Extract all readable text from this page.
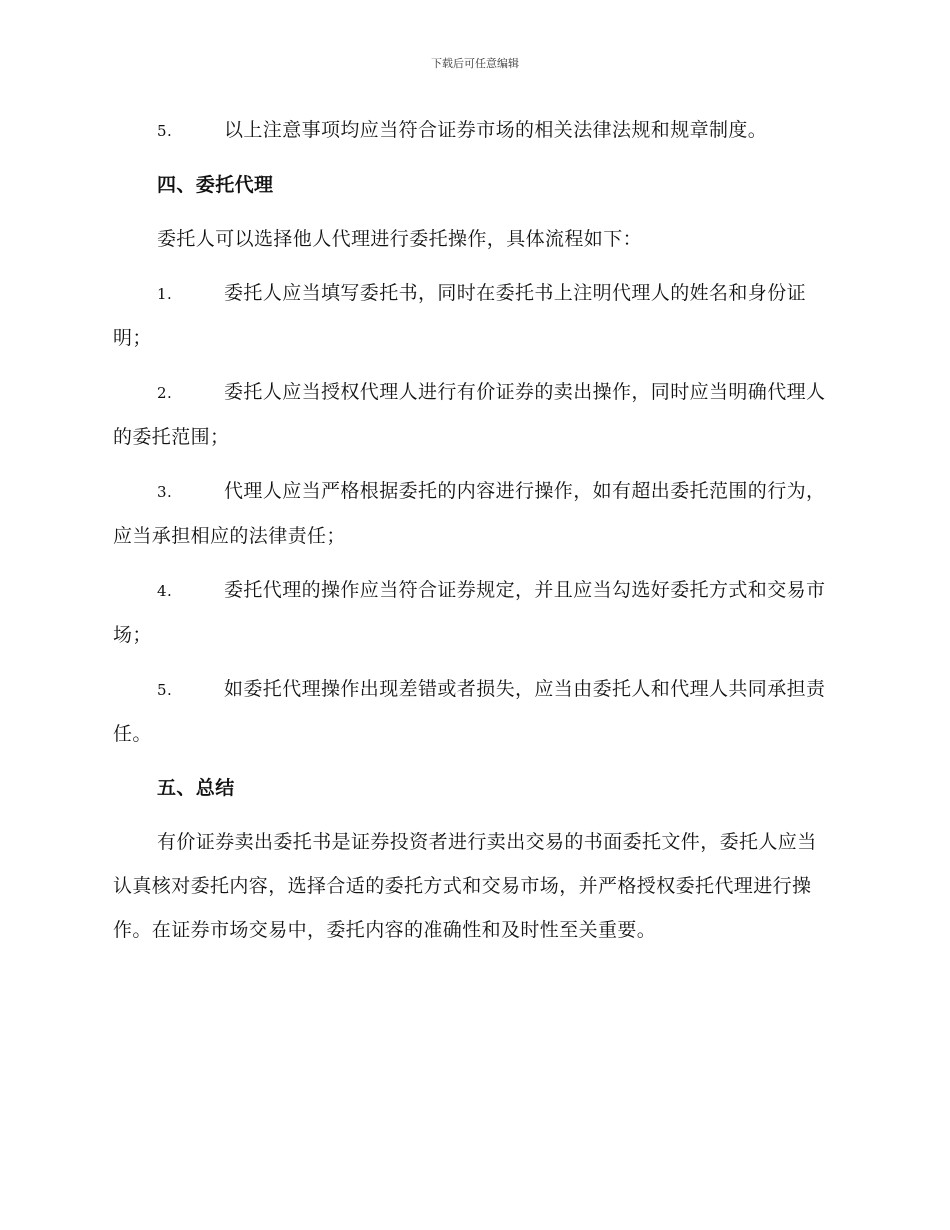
下载后可任意编辑

5.	以上注意事项均应当符合证券市场的相关法律法规和规章制度。

四、委托代理

委托人可以选择他人代理进行委托操作，具体流程如下：

1.	委托人应当填写委托书，同时在委托书上注明代理人的姓名和身份证明；

2.	委托人应当授权代理人进行有价证券的卖出操作，同时应当明确代理人的委托范围；

3.	代理人应当严格根据委托的内容进行操作，如有超出委托范围的行为，应当承担相应的法律责任；

4.	委托代理的操作应当符合证券规定，并且应当勾选好委托方式和交易市场；

5.	如委托代理操作出现差错或者损失，应当由委托人和代理人共同承担责任。

五、总结

有价证券卖出委托书是证券投资者进行卖出交易的书面委托文件，委托人应当认真核对委托内容，选择合适的委托方式和交易市场，并严格授权委托代理进行操作。在证券市场交易中，委托内容的准确性和及时性至关重要。
